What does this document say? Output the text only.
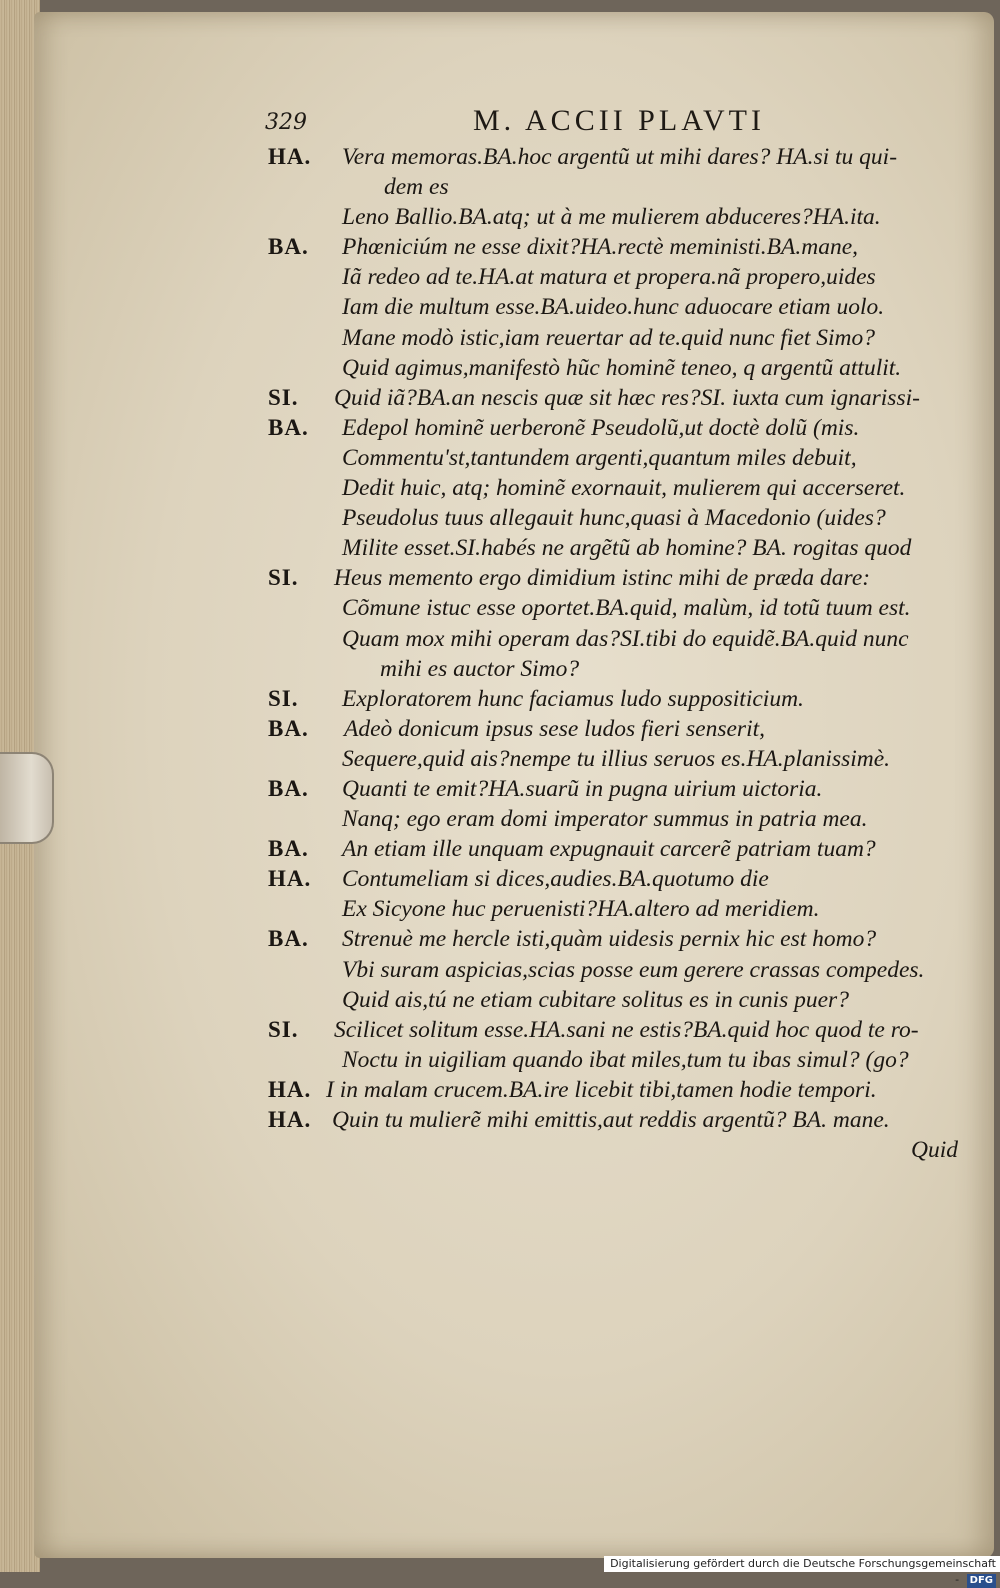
329	M. ACCII PLAVTI
HA. Vera memoras.BA.hoc argentũ ut mihi dares? HA.si tu qui-
dem es
Leno Ballio.BA.atq; ut à me mulierem abduceres?HA.ita.
BA. Phœniciúm ne esse dixit?HA.rectè meministi.BA.mane,
Iã redeo ad te.HA.at matura et propera.nã propero,uides
Iam die multum esse.BA.uideo.hunc aduocare etiam uolo.
Mane modò istic,iam reuertar ad te.quid nunc fiet Simo?
Quid agimus,manifestò hũc hominẽ teneo, q argentũ attulit.
SI. Quid iã?BA.an nescis quæ sit hæc res?SI. iuxta cum ignarissi-
BA. Edepol hominẽ uerberonẽ Pseudolũ,ut doctè dolũ (mis.
Commentu'st,tantundem argenti,quantum miles debuit,
Dedit huic, atq; hominẽ exornauit, mulierem qui accerseret.
Pseudolus tuus allegauit hunc,quasi à Macedonio (uides?
Milite esset.SI.habés ne argẽtũ ab homine? BA. rogitas quod
SI. Heus memento ergo dimidium istinc mihi de præda dare:
Cõmune istuc esse oportet.BA.quid, malùm, id totũ tuum est.
Quam mox mihi operam das?SI.tibi do equidẽ.BA.quid nunc
mihi es auctor Simo?
SI. Exploratorem hunc faciamus ludo suppositicium.
BA. Adeò donicum ipsus sese ludos fieri senserit,
Sequere,quid ais?nempe tu illius seruos es.HA.planissimè.
BA. Quanti te emit?HA.suarũ in pugna uirium uictoria.
Nanq; ego eram domi imperator summus in patria mea.
BA. An etiam ille unquam expugnauit carcerẽ patriam tuam?
HA. Contumeliam si dices,audies.BA.quotumo die
Ex Sicyone huc peruenisti?HA.altero ad meridiem.
BA. Strenuè me hercle isti,quàm uidesis pernix hic est homo?
Vbi suram aspicias,scias posse eum gerere crassas compedes.
Quid ais,tú ne etiam cubitare solitus es in cunis puer?
SI. Scilicet solitum esse.HA.sani ne estis?BA.quid hoc quod te ro-
Noctu in uigiliam quando ibat miles,tum tu ibas simul? (go?
HA. I in malam crucem.BA.ire licebit tibi,tamen hodie tempori.
HA. Quin tu mulierẽ mihi emittis,aut reddis argentũ? BA. mane.
Quid
Digitalisierung gefördert durch die Deutsche Forschungsgemeinschaft - DFG
